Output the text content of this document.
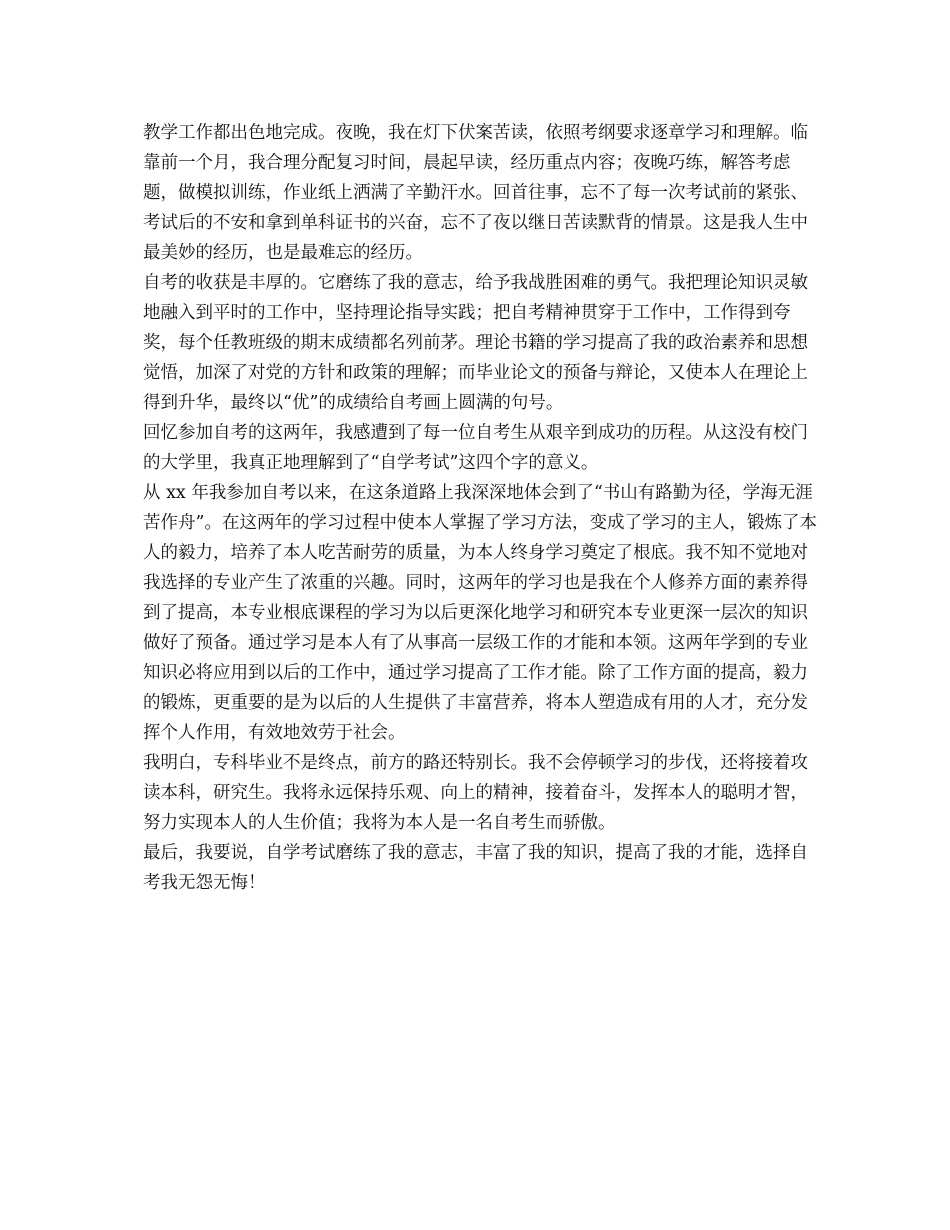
教学工作都出色地完成。夜晚，我在灯下伏案苦读，依照考纲要求逐章学习和理解。临靠前一个月，我合理分配复习时间，晨起早读，经历重点内容；夜晚巧练，解答考虑题，做模拟训练，作业纸上洒满了辛勤汗水。回首往事，忘不了每一次考试前的紧张、考试后的不安和拿到单科证书的兴奋，忘不了夜以继日苦读默背的情景。这是我人生中最美妙的经历，也是最难忘的经历。

自考的收获是丰厚的。它磨练了我的意志，给予我战胜困难的勇气。我把理论知识灵敏地融入到平时的工作中，坚持理论指导实践；把自考精神贯穿于工作中，工作得到夸奖，每个任教班级的期末成绩都名列前茅。理论书籍的学习提高了我的政治素养和思想觉悟，加深了对党的方针和政策的理解；而毕业论文的预备与辩论，又使本人在理论上得到升华，最终以“优”的成绩给自考画上圆满的句号。

回忆参加自考的这两年，我感遭到了每一位自考生从艰辛到成功的历程。从这没有校门的大学里，我真正地理解到了“自学考试”这四个字的意义。

从 xx 年我参加自考以来，在这条道路上我深深地体会到了“书山有路勤为径，学海无涯苦作舟”。在这两年的学习过程中使本人掌握了学习方法，变成了学习的主人，锻炼了本人的毅力，培养了本人吃苦耐劳的质量，为本人终身学习奠定了根底。我不知不觉地对我选择的专业产生了浓重的兴趣。同时，这两年的学习也是我在个人修养方面的素养得到了提高，本专业根底课程的学习为以后更深化地学习和研究本专业更深一层次的知识做好了预备。通过学习是本人有了从事高一层级工作的才能和本领。这两年学到的专业知识必将应用到以后的工作中，通过学习提高了工作才能。除了工作方面的提高，毅力的锻炼，更重要的是为以后的人生提供了丰富营养，将本人塑造成有用的人才，充分发挥个人作用，有效地效劳于社会。

我明白，专科毕业不是终点，前方的路还特别长。我不会停顿学习的步伐，还将接着攻读本科，研究生。我将永远保持乐观、向上的精神，接着奋斗，发挥本人的聪明才智，努力实现本人的人生价值；我将为本人是一名自考生而骄傲。

最后，我要说，自学考试磨练了我的意志，丰富了我的知识，提高了我的才能，选择自考我无怨无悔！
